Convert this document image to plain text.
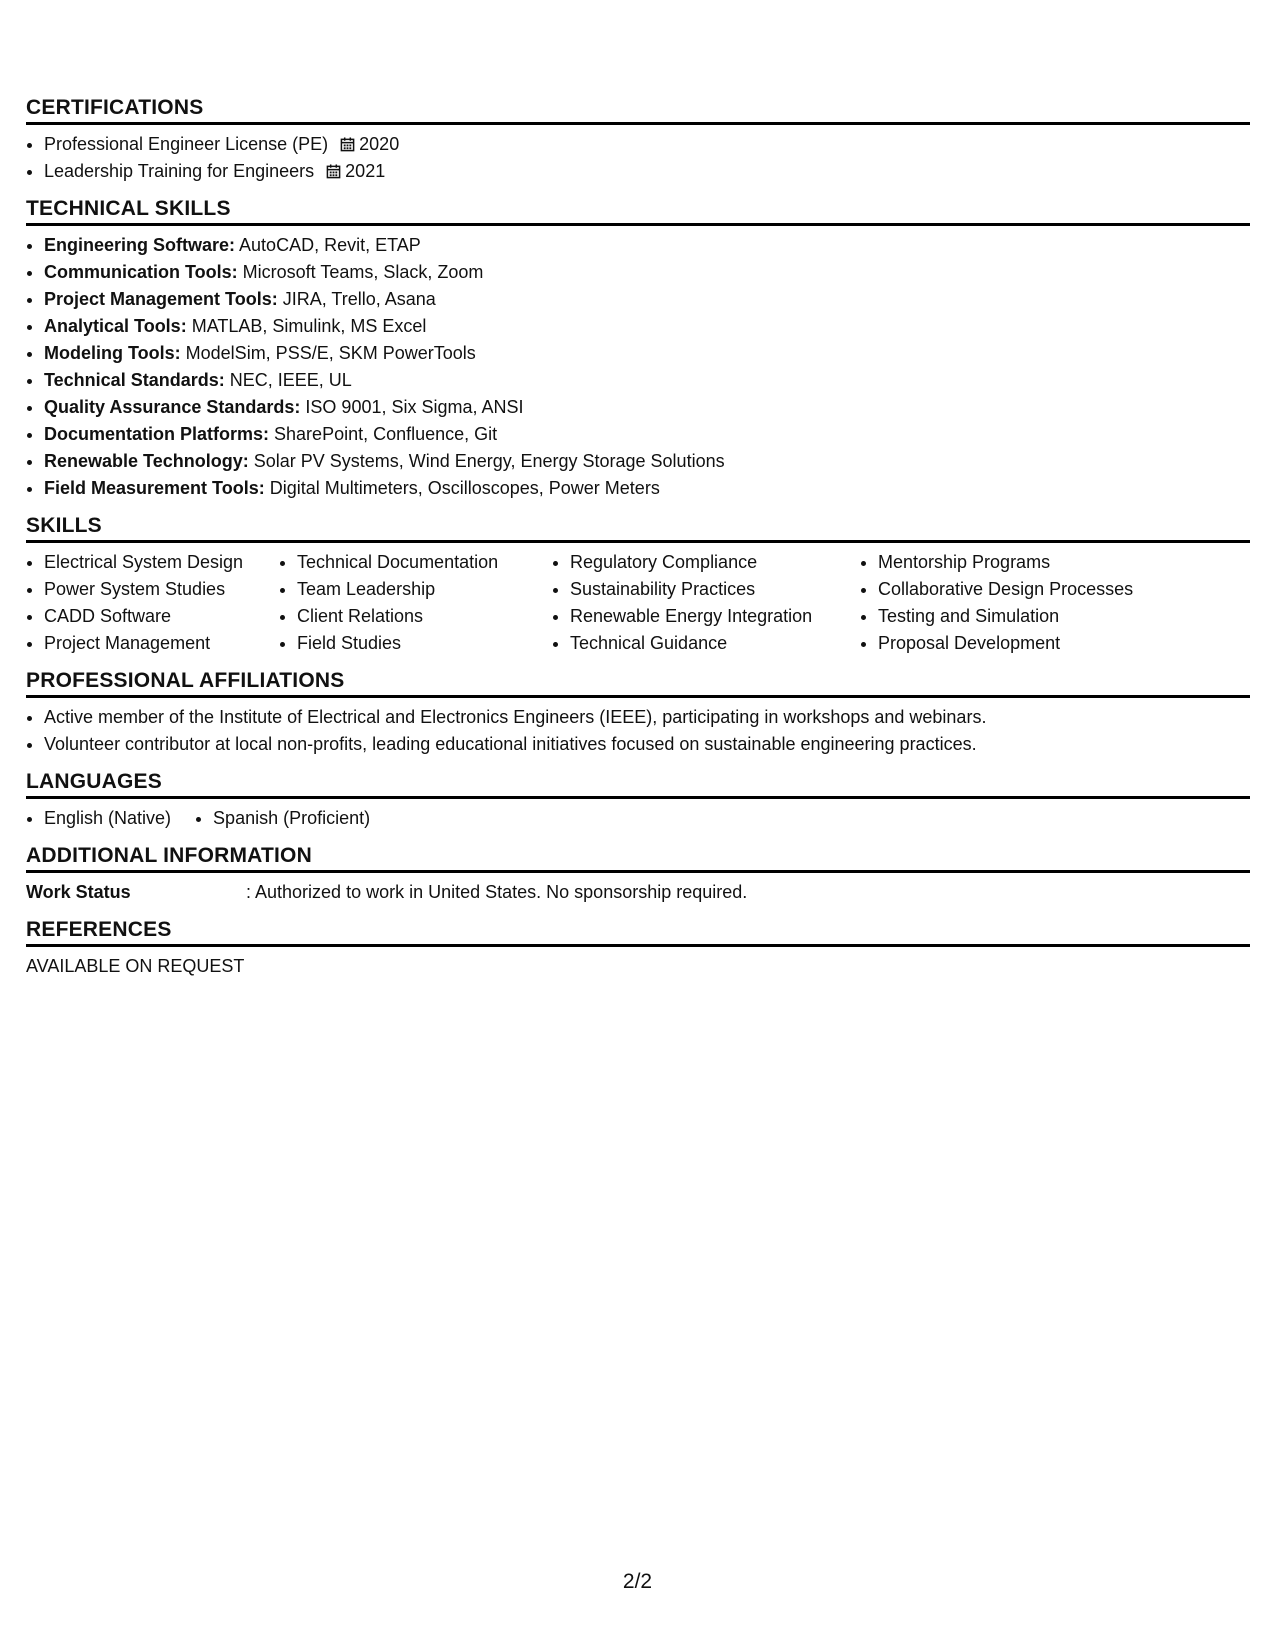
CERTIFICATIONS
• Professional Engineer License (PE) 2020
• Leadership Training for Engineers 2021
TECHNICAL SKILLS
• Engineering Software: AutoCAD, Revit, ETAP
• Communication Tools: Microsoft Teams, Slack, Zoom
• Project Management Tools: JIRA, Trello, Asana
• Analytical Tools: MATLAB, Simulink, MS Excel
• Modeling Tools: ModelSim, PSS/E, SKM PowerTools
• Technical Standards: NEC, IEEE, UL
• Quality Assurance Standards: ISO 9001, Six Sigma, ANSI
• Documentation Platforms: SharePoint, Confluence, Git
• Renewable Technology: Solar PV Systems, Wind Energy, Energy Storage Solutions
• Field Measurement Tools: Digital Multimeters, Oscilloscopes, Power Meters
SKILLS
• Electrical System Design
• Power System Studies
• CADD Software
• Project Management
• Technical Documentation
• Team Leadership
• Client Relations
• Field Studies
• Regulatory Compliance
• Sustainability Practices
• Renewable Energy Integration
• Technical Guidance
• Mentorship Programs
• Collaborative Design Processes
• Testing and Simulation
• Proposal Development
PROFESSIONAL AFFILIATIONS
• Active member of the Institute of Electrical and Electronics Engineers (IEEE), participating in workshops and webinars.
• Volunteer contributor at local non-profits, leading educational initiatives focused on sustainable engineering practices.
LANGUAGES
• English (Native)
• Spanish (Proficient)
ADDITIONAL INFORMATION
Work Status	: Authorized to work in United States. No sponsorship required.
REFERENCES
AVAILABLE ON REQUEST
2/2
